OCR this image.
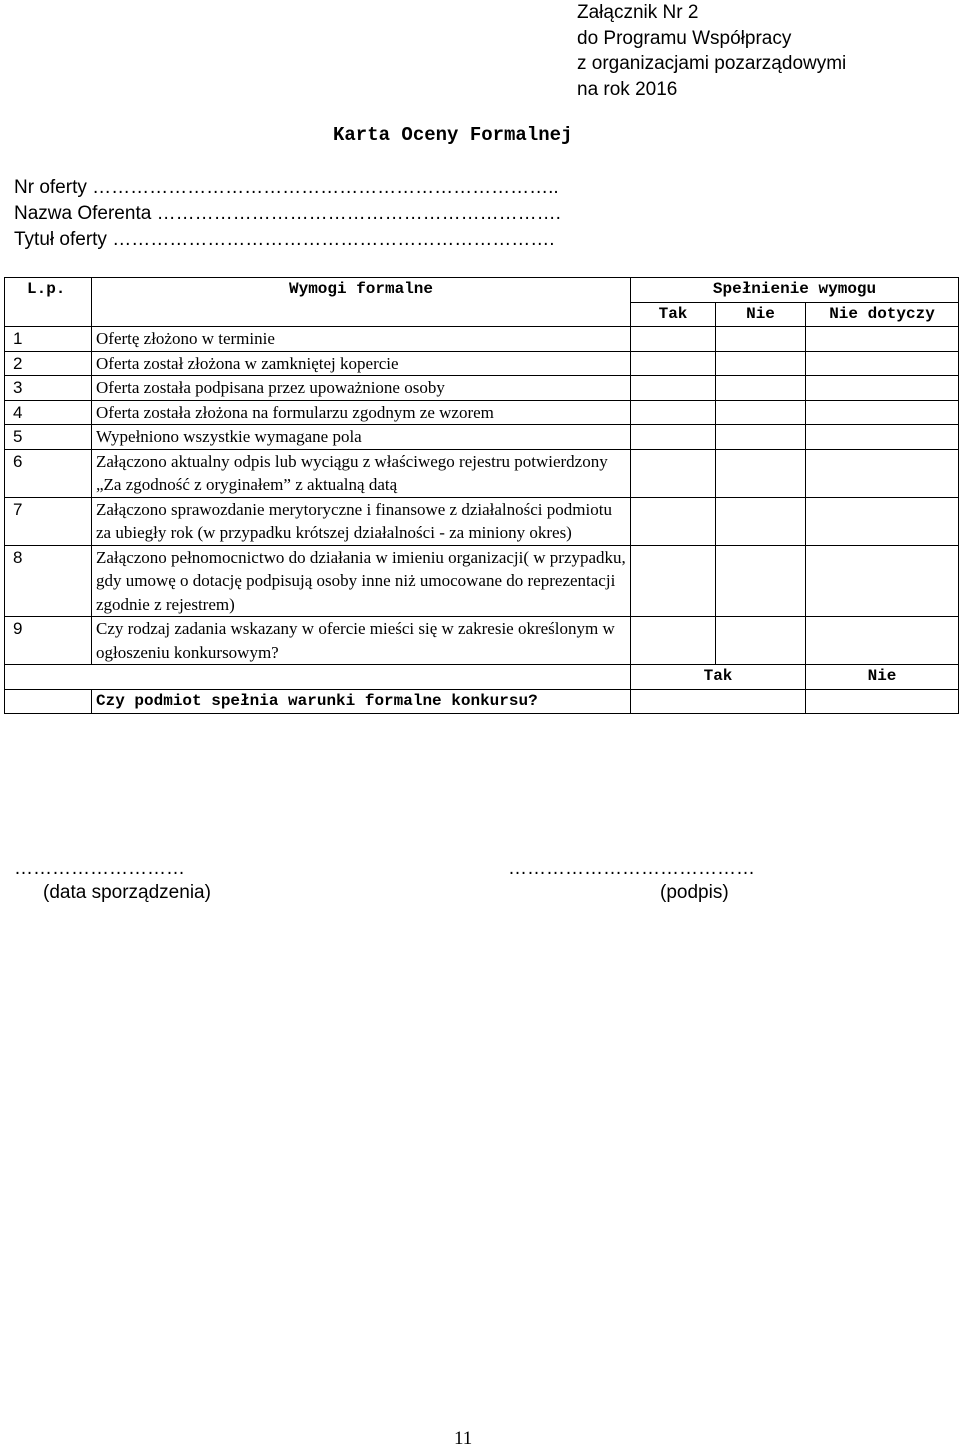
Załącznik Nr 2
do Programu Współpracy
z organizacjami pozarządowymi
na rok 2016
Karta Oceny Formalnej
Nr oferty ………………………………………………………………..
Nazwa Oferenta ……………………………………………………….
Tytuł oferty …………………………………………………………….
L.p.	Wymogi formalne	Spełnienie wymogu		
		Tak	Nie	Nie dotyczy
1	Ofertę złożono w terminie			
2	Oferta został złożona w zamkniętej kopercie			
3	Oferta została podpisana przez upoważnione osoby			
4	Oferta została złożona na formularzu zgodnym ze wzorem			
5	Wypełniono wszystkie wymagane pola			
6	Załączono aktualny odpis lub wyciągu z właściwego rejestru potwierdzony „Za zgodność z oryginałem” z aktualną datą			
7	Załączono sprawozdanie merytoryczne i finansowe z działalności podmiotu za ubiegły rok (w przypadku krótszej działalności - za miniony okres)			
8	Załączono pełnomocnictwo do działania w imieniu organizacji( w przypadku, gdy umowę o dotację podpisują osoby inne niż umocowane do reprezentacji zgodnie z rejestrem)			
9	Czy rodzaj zadania wskazany w ofercie mieści się w zakresie określonym w ogłoszeniu konkursowym?			
		Tak		Nie
	Czy podmiot spełnia warunki formalne konkursu?			
………………………
(data sporządzenia)
…………………………………
(podpis)
11
